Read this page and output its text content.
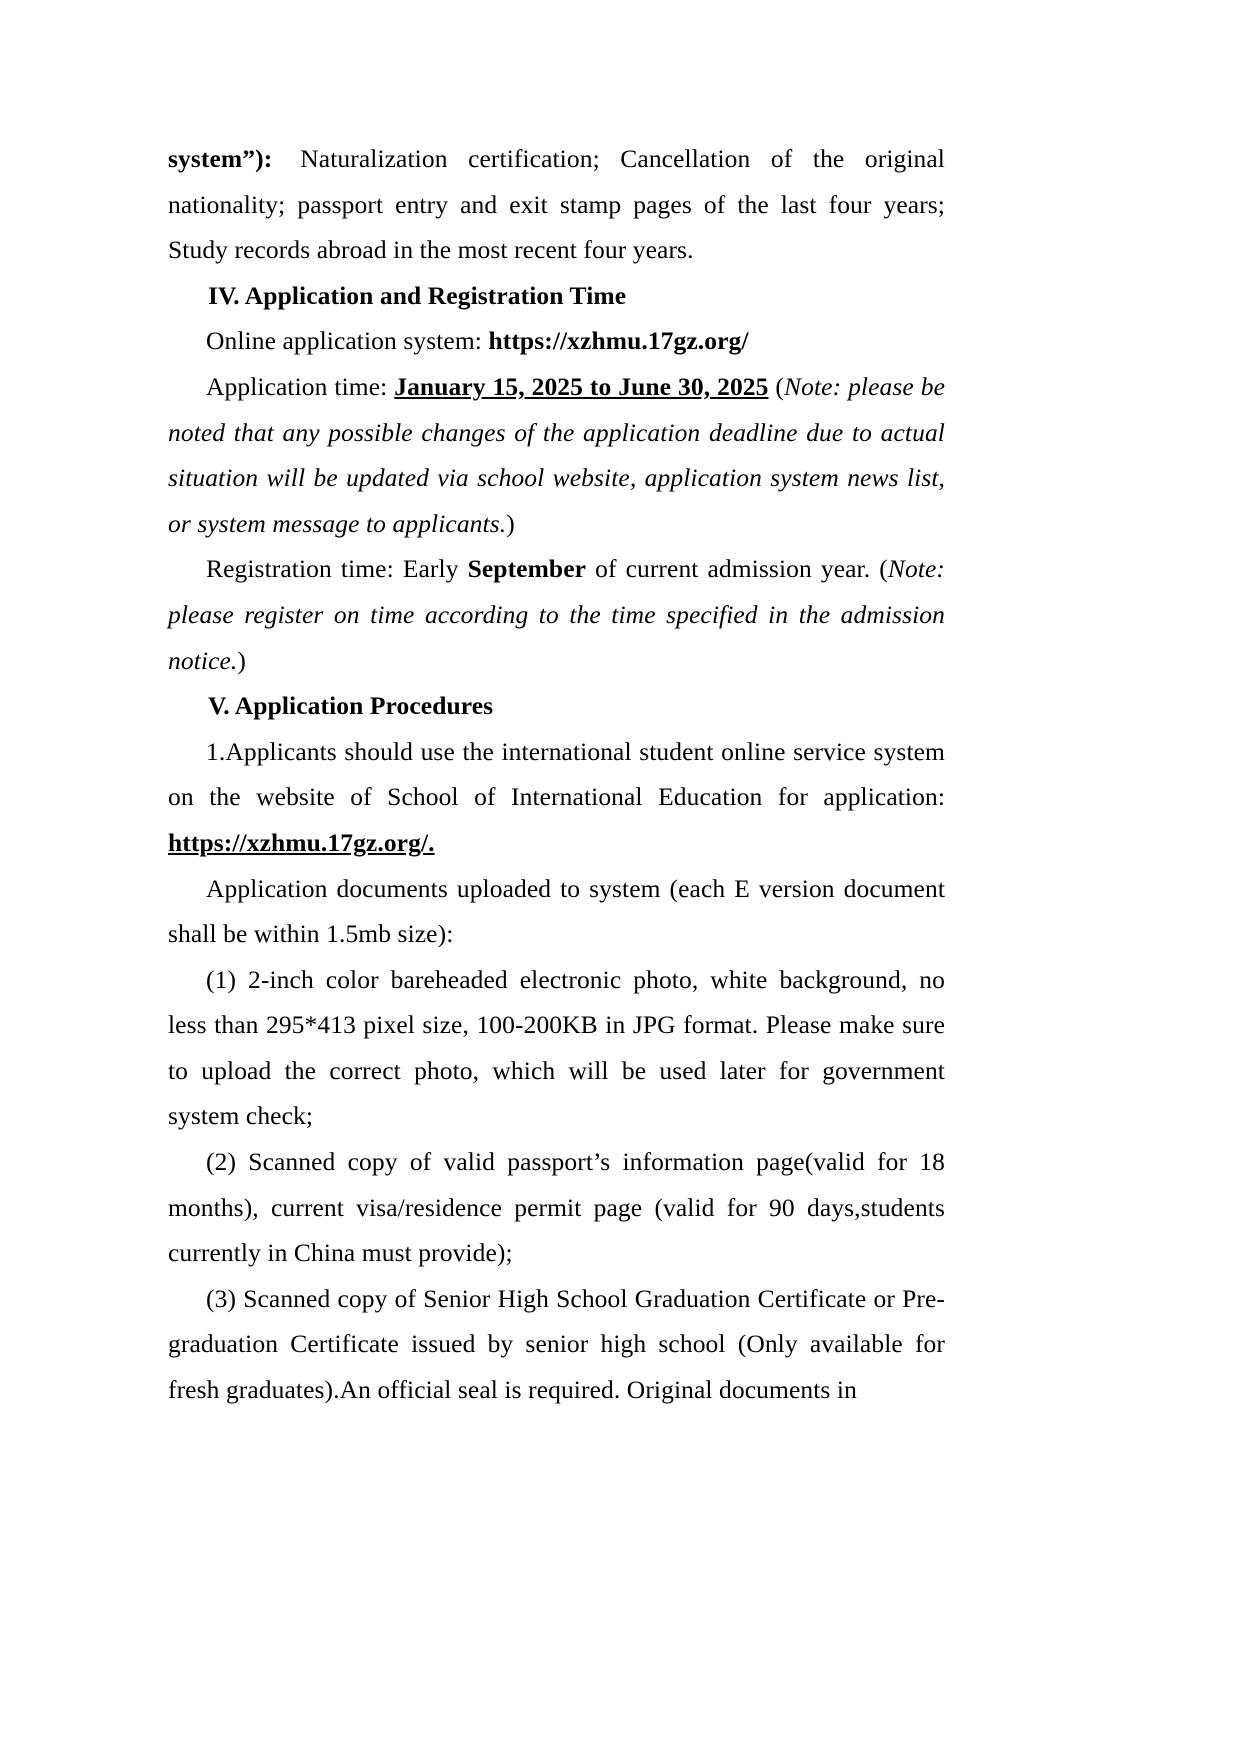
system”): Naturalization certification; Cancellation of the original nationality; passport entry and exit stamp pages of the last four years; Study records abroad in the most recent four years.

IV. Application and Registration Time

Online application system: https://xzhmu.17gz.org/

Application time: January 15, 2025 to June 30, 2025 (Note: please be noted that any possible changes of the application deadline due to actual situation will be updated via school website, application system news list, or system message to applicants.)

Registration time: Early September of current admission year. (Note: please register on time according to the time specified in the admission notice.)

V. Application Procedures

1.Applicants should use the international student online service system on the website of School of International Education for application: https://xzhmu.17gz.org/.

Application documents uploaded to system (each E version document shall be within 1.5mb size):

(1) 2-inch color bareheaded electronic photo, white background, no less than 295*413 pixel size, 100-200KB in JPG format. Please make sure to upload the correct photo, which will be used later for government system check;

(2) Scanned copy of valid passport’s information page(valid for 18 months), current visa/residence permit page (valid for 90 days,students currently in China must provide);

(3) Scanned copy of Senior High School Graduation Certificate or Pre-graduation Certificate issued by senior high school (Only available for fresh graduates).An official seal is required. Original documents in
